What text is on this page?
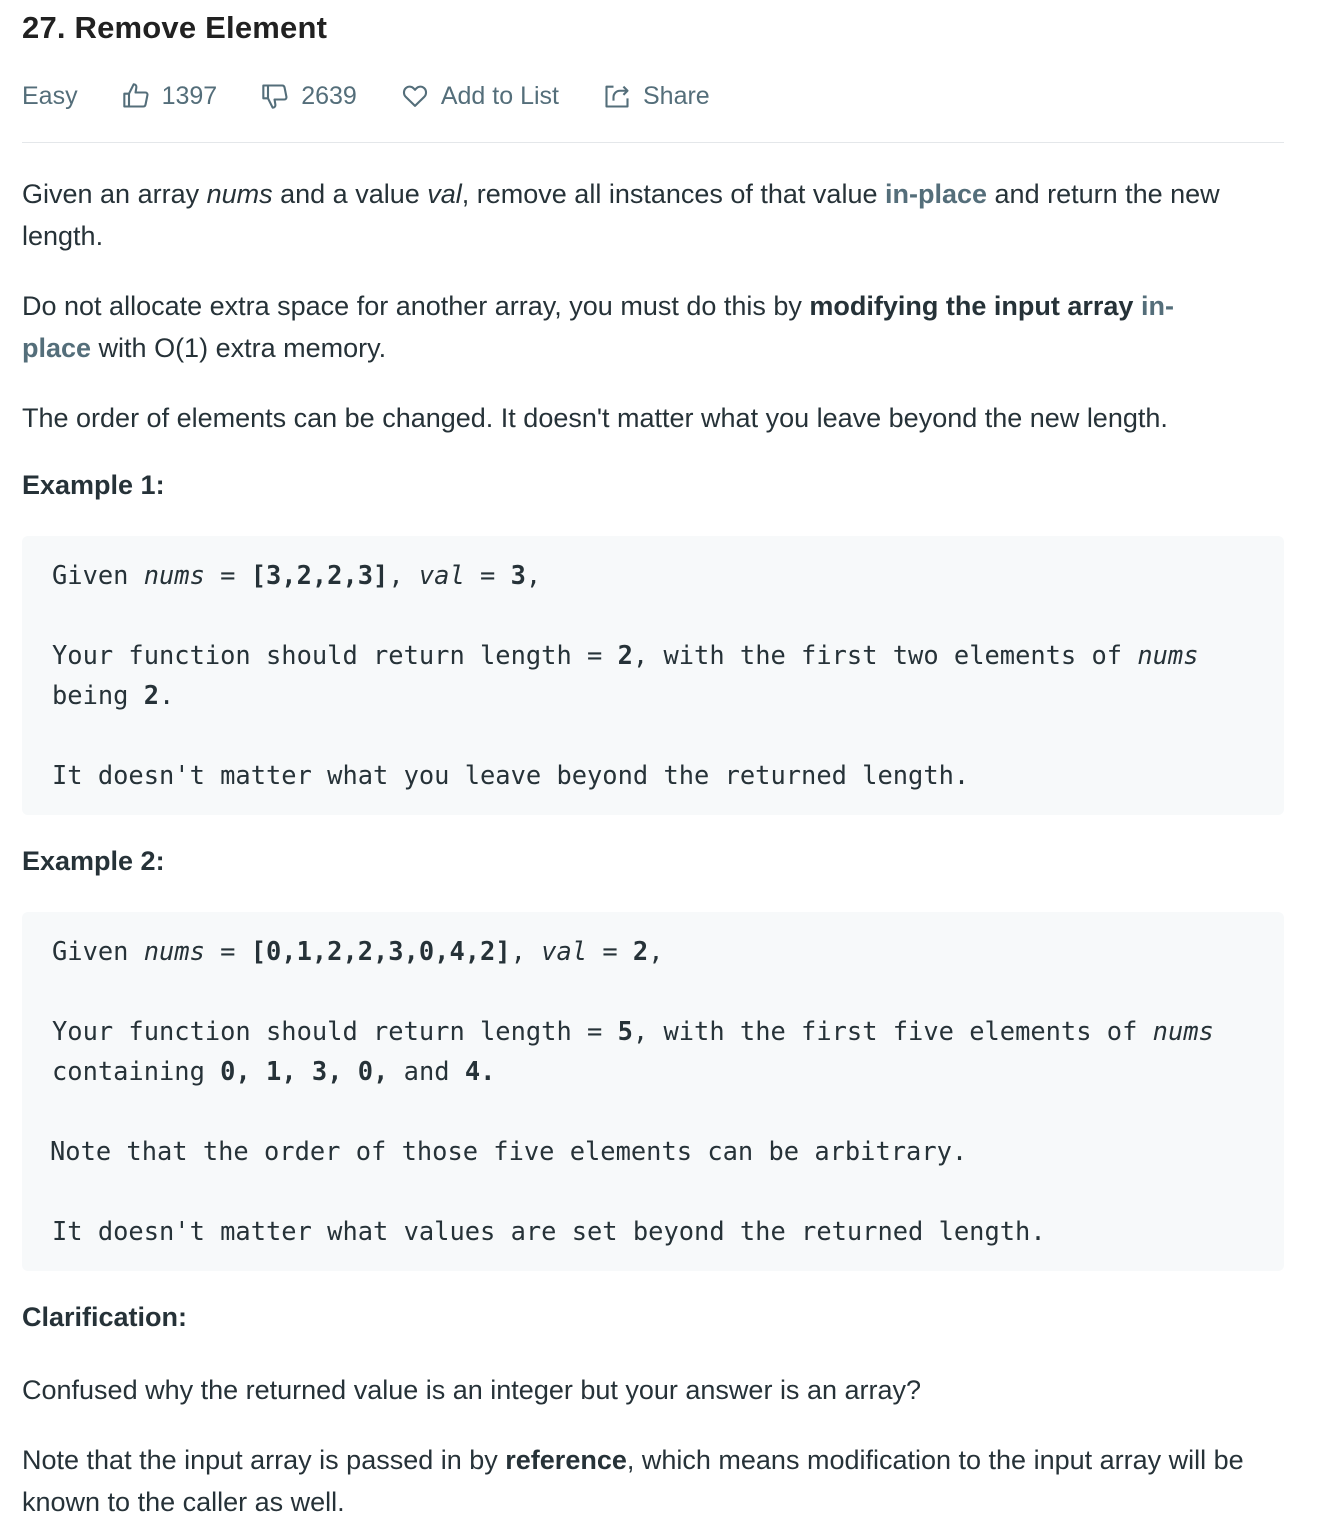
27. Remove Element
Easy	1397	2639	Add to List	Share

Given an array nums and a value val, remove all instances of that value in-place and return the new length.

Do not allocate extra space for another array, you must do this by modifying the input array in-
place with O(1) extra memory.

The order of elements can be changed. It doesn't matter what you leave beyond the new length.

Example 1:
Given nums = [3,2,2,3], val = 3,
Your function should return length = 2, with the first two elements of nums
being 2.
It doesn't matter what you leave beyond the returned length.
Example 2:
Given nums = [0,1,2,2,3,0,4,2], val = 2,
Your function should return length = 5, with the first five elements of nums
containing 0, 1, 3, 0, and 4.
Note that the order of those five elements can be arbitrary.
It doesn't matter what values are set beyond the returned length.
Clarification:

Confused why the returned value is an integer but your answer is an array?

Note that the input array is passed in by reference, which means modification to the input array will be known to the caller as well.
